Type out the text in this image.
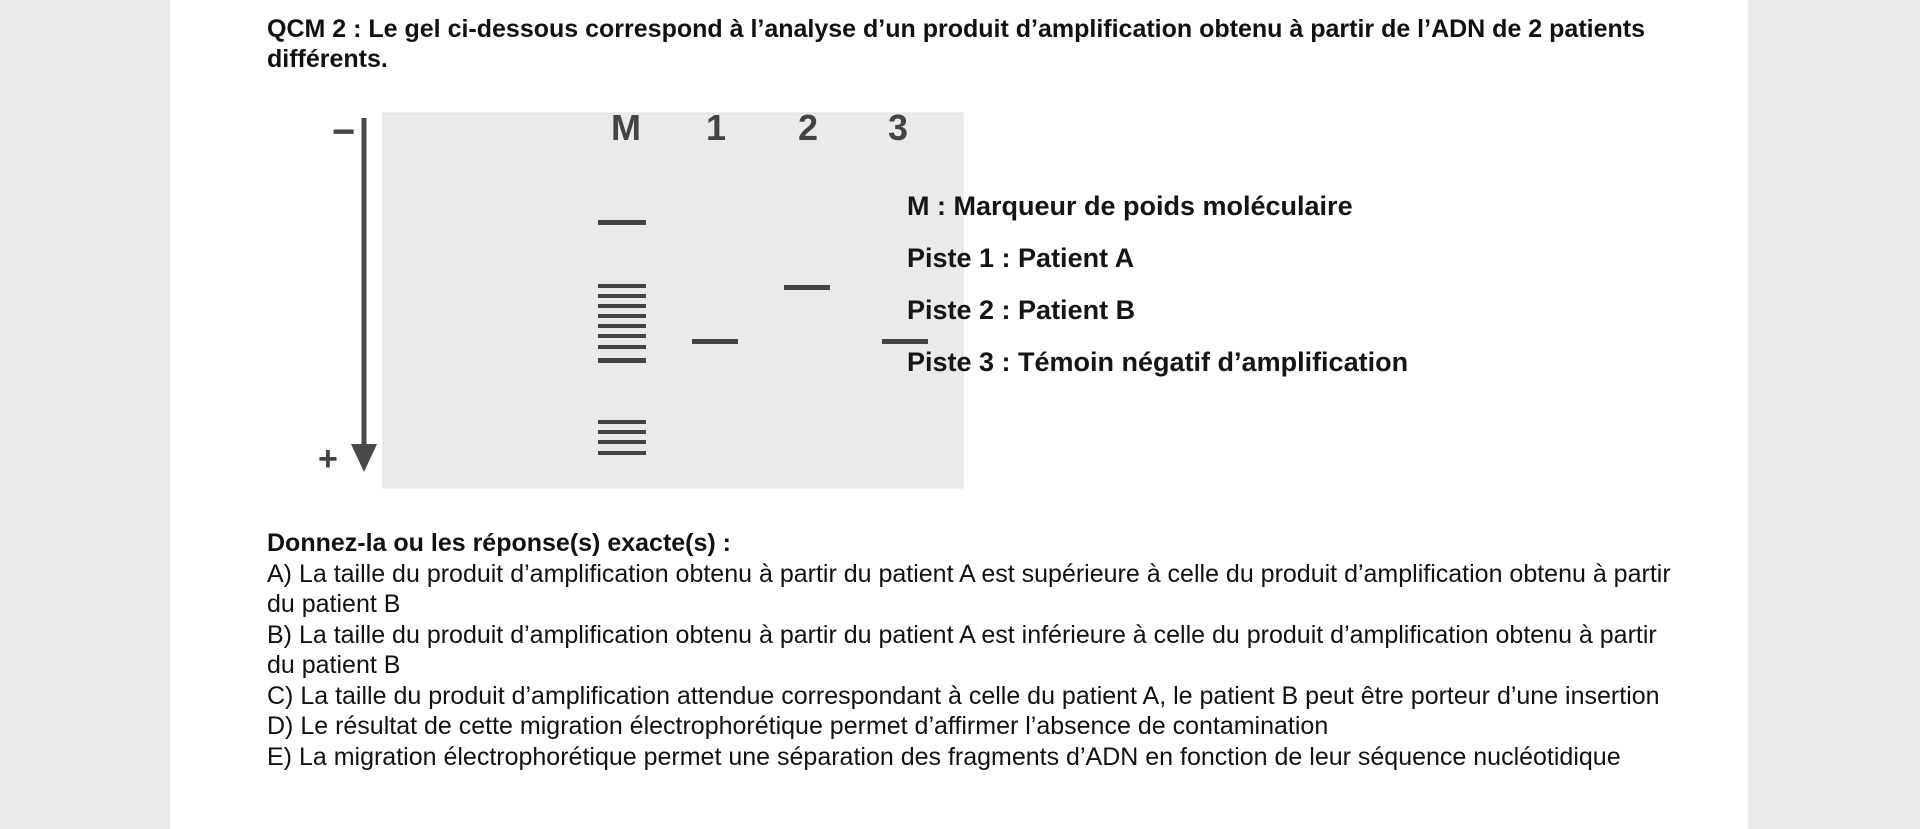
QCM 2 : Le gel ci-dessous correspond à l’analyse d’un produit d’amplification obtenu à partir de l’ADN de 2 patients différents.
−
+
M 1 2 3
M : Marqueur de poids moléculaire
Piste 1 : Patient A
Piste 2 : Patient B
Piste 3 : Témoin négatif d’amplification
Donnez-la ou les réponse(s) exacte(s) :
A) La taille du produit d’amplification obtenu à partir du patient A est supérieure à celle du produit d’amplification obtenu à partir du patient B
B) La taille du produit d’amplification obtenu à partir du patient A est inférieure à celle du produit d’amplification obtenu à partir du patient B
C) La taille du produit d’amplification attendue correspondant à celle du patient A, le patient B peut être porteur d’une insertion
D) Le résultat de cette migration électrophorétique permet d’affirmer l’absence de contamination
E) La migration électrophorétique permet une séparation des fragments d’ADN en fonction de leur séquence nucléotidique
